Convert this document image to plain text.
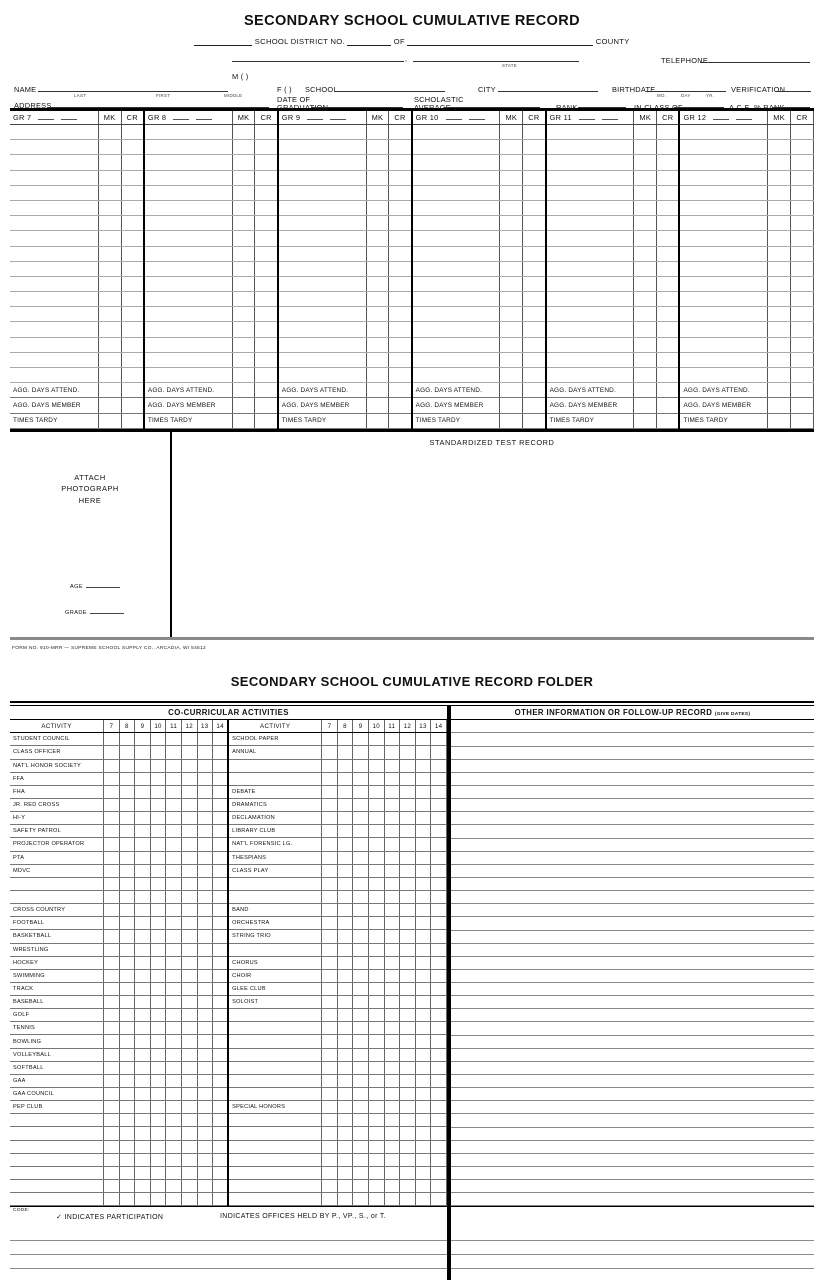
SECONDARY SCHOOL CUMULATIVE RECORD
SCHOOL DISTRICT NO.	OF	COUNTY
,
STATE
TELEPHONE
M ( )
NAME
LAST	FIRST	MIDDLE
F ( ) SCHOOL	CITY	BIRTHDATE
MO.	DAY	YR.
VERIFICATION
ADDRESS
DATE OF
GRADUATION
SCHOLASTIC
AVERAGE	RANK	IN CLASS OF	A.C.E. % RANK
GR 7	MK	CR	GR 8	MK	CR	GR 9	MK	CR	GR 10	MK	CR	GR 11	MK	CR	GR 12	MK	CR

AGG. DAYS ATTEND.			AGG. DAYS ATTEND.			AGG. DAYS ATTEND.			AGG. DAYS ATTEND.			AGG. DAYS ATTEND.			AGG. DAYS ATTEND.		
AGG. DAYS MEMBER			AGG. DAYS MEMBER			AGG. DAYS MEMBER			AGG. DAYS MEMBER			AGG. DAYS MEMBER			AGG. DAYS MEMBER		
TIMES TARDY			TIMES TARDY			TIMES TARDY			TIMES TARDY			TIMES TARDY			TIMES TARDY		
STANDARDIZED TEST RECORD
ATTACH
PHOTOGRAPH
HERE
AGE
GRADE
FORM NO. 910-MRR — SUPREME SCHOOL SUPPLY CO., ARCADIA, WI 54612
SECONDARY SCHOOL CUMULATIVE RECORD FOLDER
CO-CURRICULAR ACTIVITIES
ACTIVITY	7	8	9	10	11	12	13	14	ACTIVITY	7	8	9	10	11	12	13	14
STUDENT COUNCIL									SCHOOL PAPER								
CLASS OFFICER									ANNUAL								
NAT'L HONOR SOCIETY																	
FFA																	
FHA									DEBATE								
JR. RED CROSS									DRAMATICS								
HI-Y									DECLAMATION								
SAFETY PATROL									LIBRARY CLUB								
PROJECTOR OPERATOR									NAT'L FORENSIC LG.								
PTA									THESPIANS								
MDVC									CLASS PLAY								

CROSS COUNTRY									BAND								
FOOTBALL									ORCHESTRA								
BASKETBALL									STRING TRIO								
WRESTLING																	
HOCKEY									CHORUS								
SWIMMING									CHOIR								
TRACK									GLEE CLUB								
BASEBALL									SOLOIST								
GOLF																	
TENNIS																	
BOWLING																	
VOLLEYBALL																	
SOFTBALL																	
GAA																	
GAA COUNCIL																	
PEP CLUB									SPECIAL HONORS								

OTHER INFORMATION OR FOLLOW-UP RECORD (GIVE DATES)

CODE:
✓ INDICATES PARTICIPATION	INDICATES OFFICES HELD BY P., VP., S., or T.
